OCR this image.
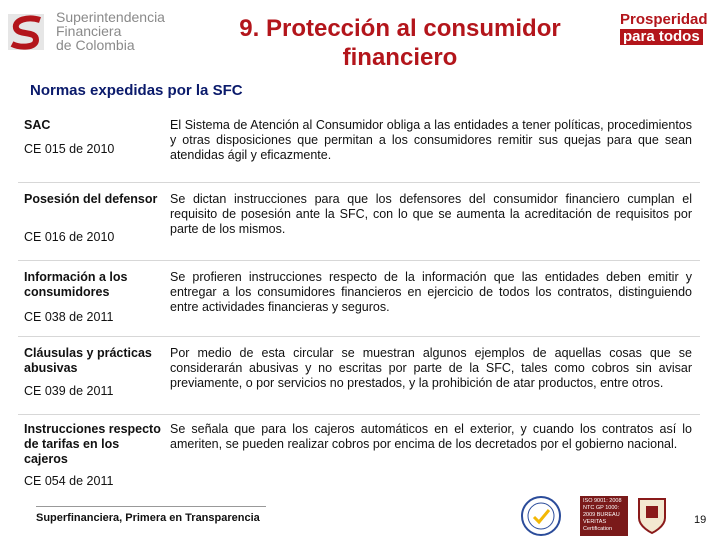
Superintendencia
Financiera
de Colombia
9. Protección al consumidor financiero
Prosperidad
para todos
Normas expedidas por la SFC
SAC
CE 015 de 2010
El Sistema de Atención al Consumidor obliga a las entidades a tener políticas, procedimientos y otras disposiciones que permitan a los consumidores remitir sus quejas para que sean atendidas ágil y eficazmente.
Posesión del defensor
CE 016 de 2010
Se dictan instrucciones para que los defensores del consumidor financiero cumplan el requisito de posesión ante la SFC, con lo que se aumenta la acreditación de requisitos por parte de los mismos.
Información a los consumidores
CE 038 de 2011
Se profieren instrucciones respecto de la información que las entidades deben emitir y entregar a los consumidores financieros en ejercicio de todos los contratos, distinguiendo entre actividades financieras y seguros.
Cláusulas y prácticas abusivas
CE 039 de 2011
Por medio de esta circular se muestran algunos ejemplos de aquellas cosas que se considerarán abusivas y no escritas por parte de la SFC, tales como cobros sin avisar previamente, o por servicios no prestados, y la prohibición de atar productos, entre otros.
Instrucciones respecto de tarifas en los cajeros
CE 054 de 2011
Se señala que para los cajeros automáticos en el exterior, y cuando los contratos así lo ameriten, se pueden realizar cobros por encima de los decretados por el gobierno nacional.
Superfinanciera, Primera en Transparencia
ISO 9001: 2008 NTC GP 1000: 2009 BUREAU VERITAS Certification
19
